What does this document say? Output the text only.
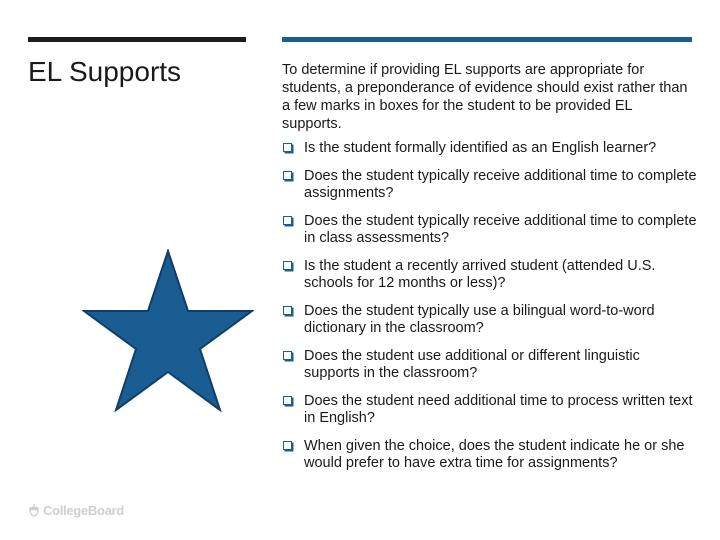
EL Supports	To determine if providing EL supports are appropriate for students, a preponderance of evidence should exist rather than a few marks in boxes for the student to be provided EL supports.
Is the student formally identified as an English learner?
Does the student typically receive additional time to complete assignments?
Does the student typically receive additional time to complete in class assessments?
Is the student a recently arrived student (attended U.S. schools for 12 months or less)?
Does the student typically use a bilingual word-to-word dictionary in the classroom?
Does the student use additional or different linguistic supports in the classroom?
Does the student need additional time to process written text in English?
When given the choice, does the student indicate he or she would prefer to have extra time for assignments?
CollegeBoard
